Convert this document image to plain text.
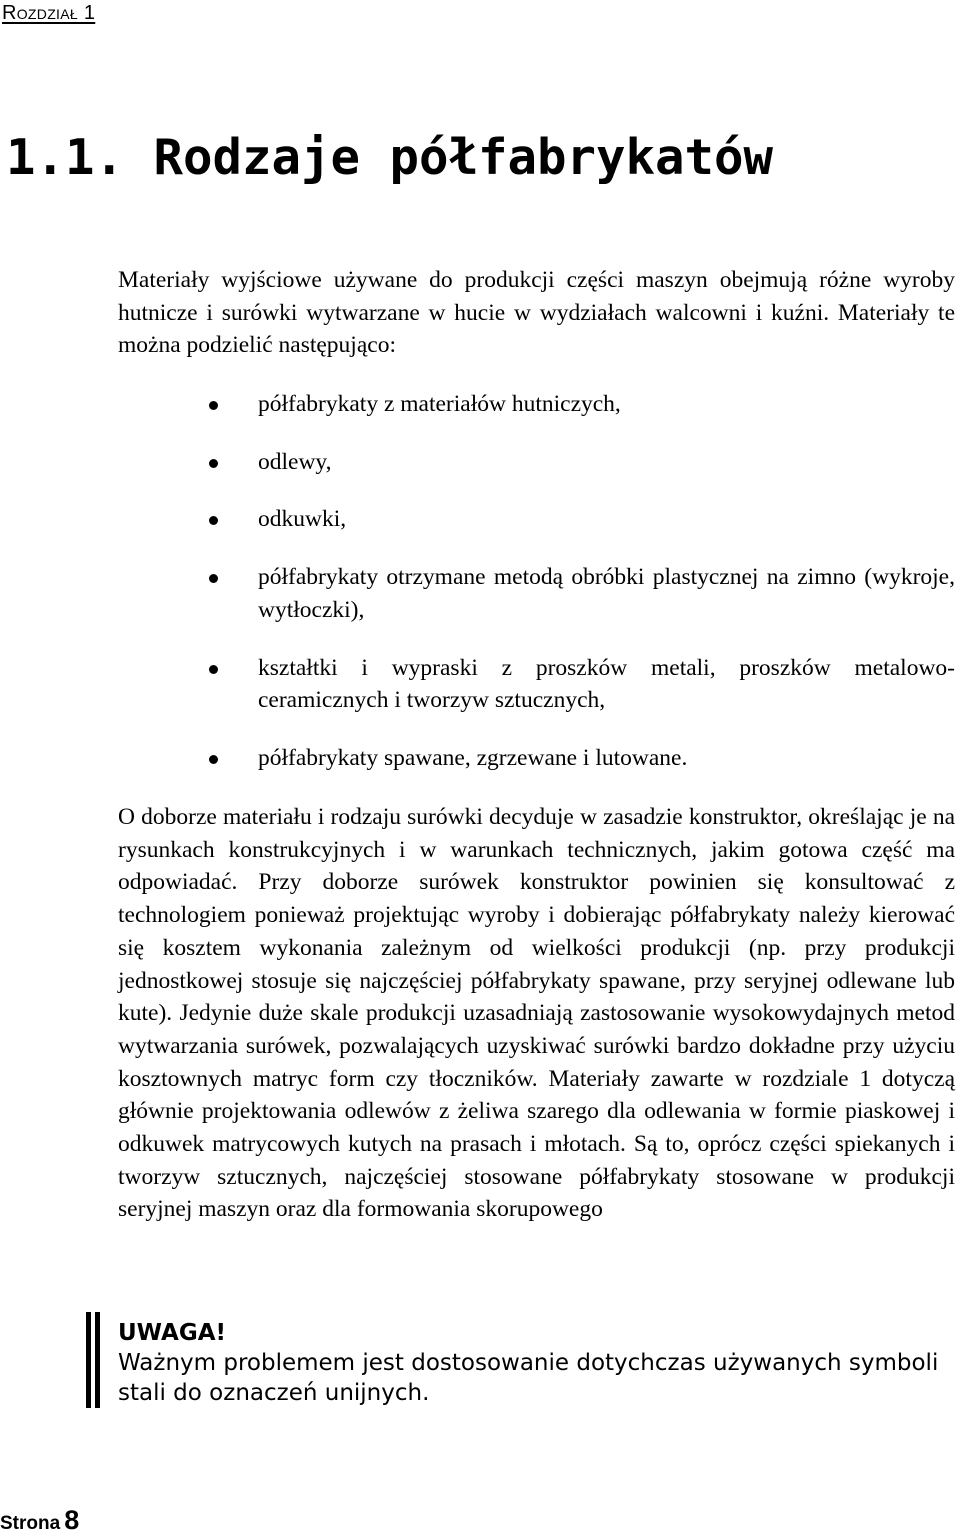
Rozdział 1
1.1. Rodzaje półfabrykatów

Materiały wyjściowe używane do produkcji części maszyn obejmują różne wyroby hutnicze i surówki wytwarzane w hucie w wydziałach walcowni i kuźni. Materiały te można podzielić następująco:

półfabrykaty z materiałów hutniczych,
odlewy,
odkuwki,
półfabrykaty otrzymane metodą obróbki plastycznej na zimno (wykroje, wytłoczki),
kształtki i wypraski z proszków metali, proszków metalowo-ceramicznych i tworzyw sztucznych,
półfabrykaty spawane, zgrzewane i lutowane.

O doborze materiału i rodzaju surówki decyduje w zasadzie konstruktor, określając je na rysunkach konstrukcyjnych i w warunkach technicznych, jakim gotowa część ma odpowiadać. Przy doborze surówek konstruktor powinien się konsultować z technologiem ponieważ projektując wyroby i dobierając półfabrykaty należy kierować się kosztem wykonania zależnym od wielkości produkcji (np. przy produkcji jednostkowej stosuje się najczęściej półfabrykaty spawane, przy seryjnej odlewane lub kute). Jedynie duże skale produkcji uzasadniają zastosowanie wysokowydajnych metod wytwarzania surówek, pozwalających uzyskiwać surówki bardzo dokładne przy użyciu kosztownych matryc form czy tłoczników. Materiały zawarte w rozdziale 1 dotyczą głównie projektowania odlewów z żeliwa szarego dla odlewania w formie piaskowej i odkuwek matrycowych kutych na prasach i młotach. Są to, oprócz części spiekanych i tworzyw sztucznych, najczęściej stosowane półfabrykaty stosowane w produkcji seryjnej maszyn oraz dla formowania skorupowego

UWAGA!
Ważnym problemem jest dostosowanie dotychczas używanych symboli stali do oznaczeń unijnych.
Strona 8
